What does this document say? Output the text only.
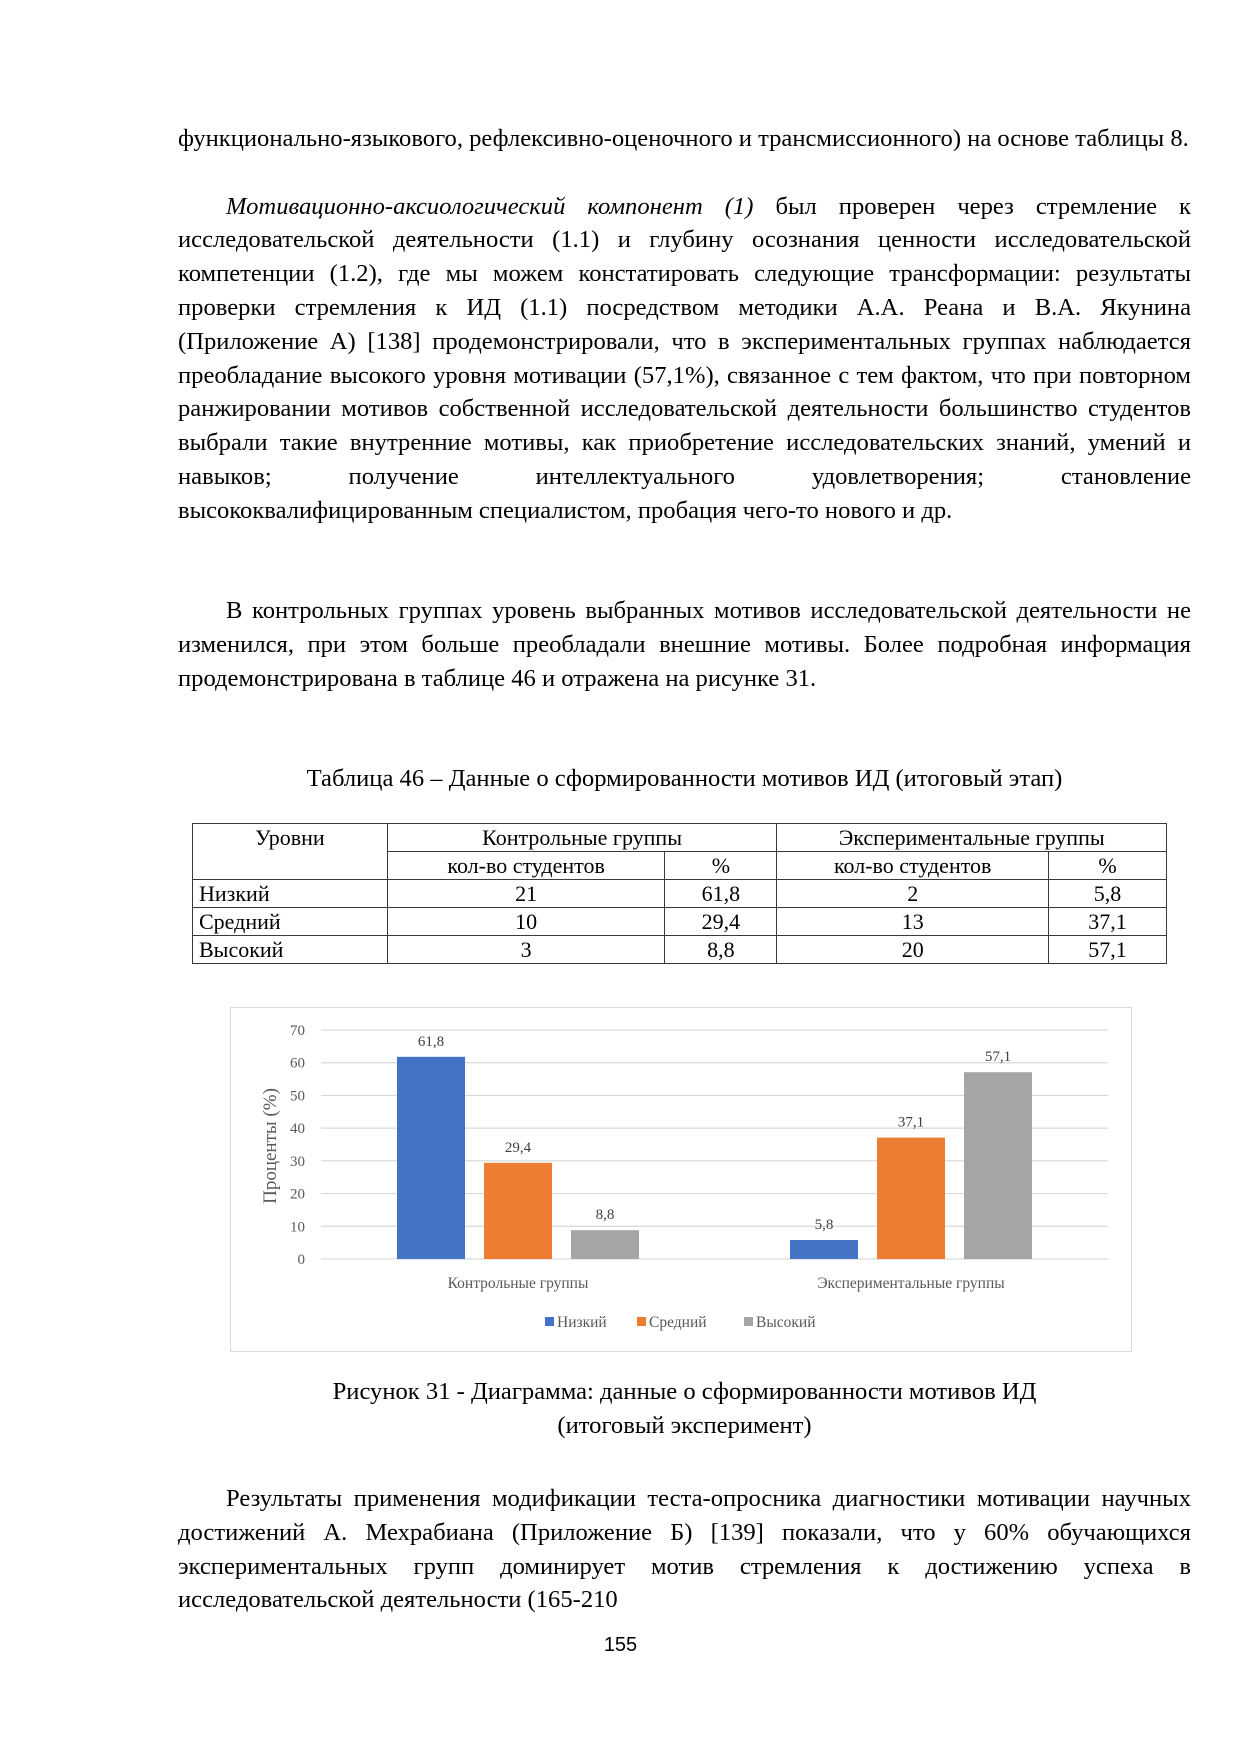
функционально-языкового, рефлексивно-оценочного и трансмиссионного) на основе таблицы 8.

Мотивационно-аксиологический компонент (1) был проверен через стремление к исследовательской деятельности (1.1) и глубину осознания ценности исследовательской компетенции (1.2), где мы можем констатировать следующие трансформации: результаты проверки стремления к ИД (1.1) посредством методики А.А. Реана и В.А. Якунина (Приложение А) [138] продемонстрировали, что в экспериментальных группах наблюдается преобладание высокого уровня мотивации (57,1%), связанное с тем фактом, что при повторном ранжировании мотивов собственной исследовательской деятельности большинство студентов выбрали такие внутренние мотивы, как приобретение исследовательских знаний, умений и навыков; получение интеллектуального удовлетворения; становление высококвалифицированным специалистом, пробация чего-то нового и др.

В контрольных группах уровень выбранных мотивов исследовательской деятельности не изменился, при этом больше преобладали внешние мотивы. Более подробная информация продемонстрирована в таблице 46 и отражена на рисунке 31.

Таблица 46 – Данные о сформированности мотивов ИД (итоговый этап)

Уровни	Контрольные группы		Экспериментальные группы	
	кол-во студентов	%	кол-во студентов	%
Низкий	21	61,8	2	5,8
Средний	10	29,4	13	37,1
Высокий	3	8,8	20	57,1
0
10
20
30
40
50
60
70
Проценты (%)
61,8
29,4
8,8
Контрольные группы
5,8
37,1
57,1
Экспериментальные группы
Низкий	Средний	Высокий

Рисунок 31 - Диаграмма: данные о сформированности мотивов ИД

(итоговый эксперимент)

Результаты применения модификации теста-опросника диагностики мотивации научных достижений А. Мехрабиана (Приложение Б) [139] показали, что у 60% обучающихся экспериментальных групп доминирует мотив стремления к достижению успеха в исследовательской деятельности (165-210

155
